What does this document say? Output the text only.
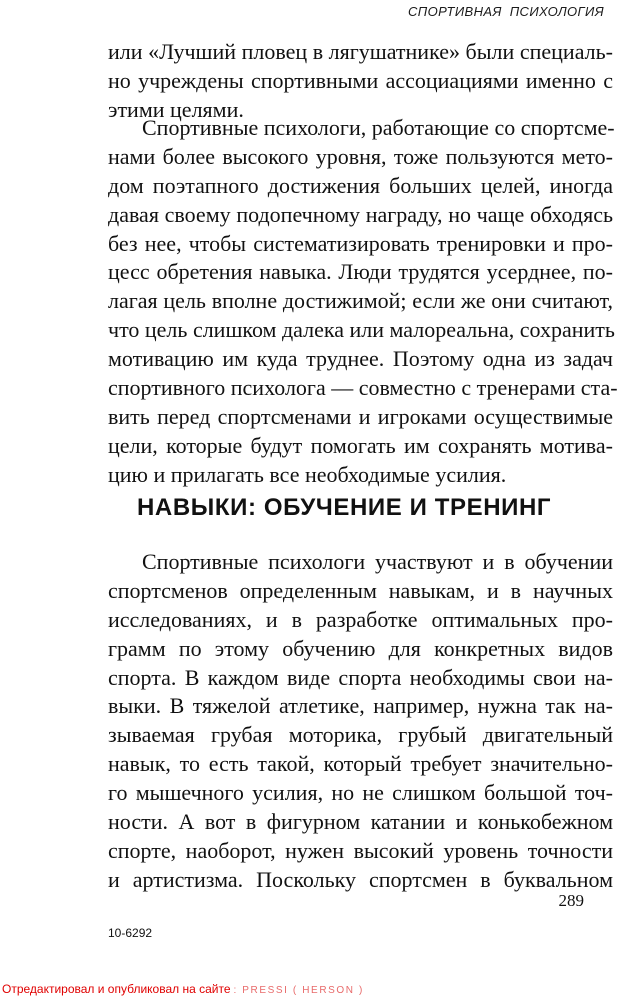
СПОРТИВНАЯ ПСИХОЛОГИЯ
или «Лучший пловец в лягушатнике» были специаль-
но учреждены спортивными ассоциациями именно с
этими целями.
Спортивные психологи, работающие со спортсме-
нами более высокого уровня, тоже пользуются мето-
дом поэтапного достижения больших целей, иногда
давая своему подопечному награду, но чаще обходясь
без нее, чтобы систематизировать тренировки и про-
цесс обретения навыка. Люди трудятся усерднее, по-
лагая цель вполне достижимой; если же они считают,
что цель слишком далека или малореальна, сохранить
мотивацию им куда труднее. Поэтому одна из задач
спортивного психолога — совместно с тренерами ста-
вить перед спортсменами и игроками осуществимые
цели, которые будут помогать им сохранять мотива-
цию и прилагать все необходимые усилия.
НАВЫКИ: ОБУЧЕНИЕ И ТРЕНИНГ
Спортивные психологи участвуют и в обучении
спортсменов определенным навыкам, и в научных
исследованиях, и в разработке оптимальных про-
грамм по этому обучению для конкретных видов
спорта. В каждом виде спорта необходимы свои на-
выки. В тяжелой атлетике, например, нужна так на-
зываемая грубая моторика, грубый двигательный
навык, то есть такой, который требует значительно-
го мышечного усилия, но не слишком большой точ-
ности. А вот в фигурном катании и конькобежном
спорте, наоборот, нужен высокий уровень точности
и артистизма. Поскольку спортсмен в буквальном
289
10-6292
Отредактировал и опубликовал на сайте : PRESSI ( HERSON )
